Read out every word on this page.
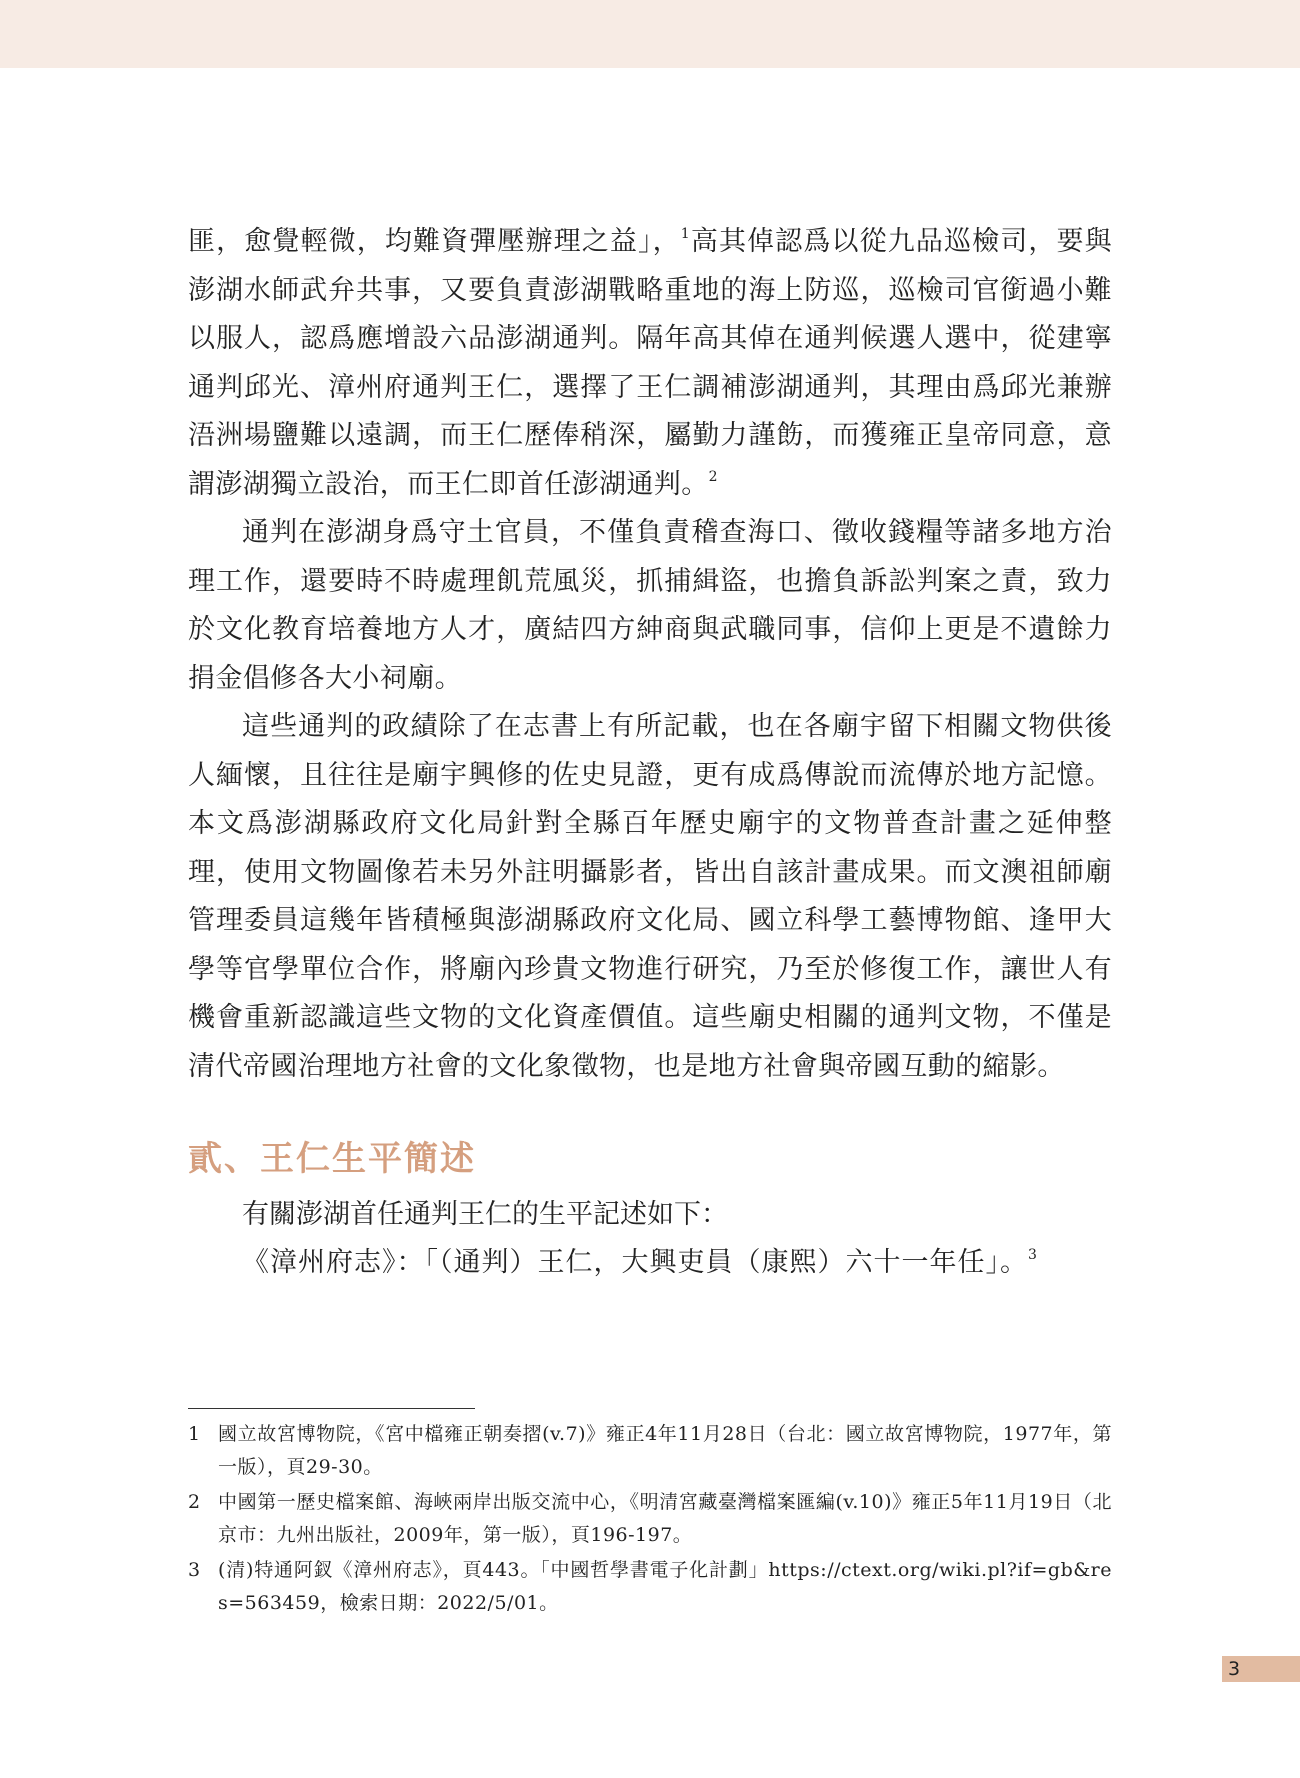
匪，愈覺輕微，均難資彈壓辦理之益」，$^1$高其倬認爲以從九品巡檢司，要與澎湖水師武弁共事，又要負責澎湖戰略重地的海上防巡，巡檢司官銜過小難以服人，認爲應增設六品澎湖通判。隔年高其倬在通判候選人選中，從建寧通判邱光、漳州府通判王仁，選擇了王仁調補澎湖通判，其理由爲邱光兼辦浯洲場鹽難以遠調，而王仁歷俸稍深，屬勤力謹飭，而獲雍正皇帝同意，意謂澎湖獨立設治，而王仁即首任澎湖通判。$^2$

通判在澎湖身爲守土官員，不僅負責稽查海口、徵收錢糧等諸多地方治理工作，還要時不時處理飢荒風災，抓捕緝盜，也擔負訴訟判案之責，致力於文化教育培養地方人才，廣結四方紳商與武職同事，信仰上更是不遺餘力捐金倡修各大小祠廟。

這些通判的政績除了在志書上有所記載，也在各廟宇留下相關文物供後人緬懷，且往往是廟宇興修的佐史見證，更有成爲傳說而流傳於地方記憶。本文爲澎湖縣政府文化局針對全縣百年歷史廟宇的文物普查計畫之延伸整理，使用文物圖像若未另外註明攝影者，皆出自該計畫成果。而文澳祖師廟管理委員這幾年皆積極與澎湖縣政府文化局、國立科學工藝博物館、逢甲大學等官學單位合作，將廟內珍貴文物進行研究，乃至於修復工作，讓世人有機會重新認識這些文物的文化資產價值。這些廟史相關的通判文物，不僅是清代帝國治理地方社會的文化象徵物，也是地方社會與帝國互動的縮影。

貳、王仁生平簡述

有關澎湖首任通判王仁的生平記述如下：

《漳州府志》：「（通判）王仁，大興吏員（康熙）六十一年任」。$^3$

1 國立故宮博物院，《宮中檔雍正朝奏摺(v.7)》雍正4年11月28日（台北：國立故宮博物院，1977年，第一版），頁29-30。
2 中國第一歷史檔案館、海峽兩岸出版交流中心，《明清宮藏臺灣檔案匯編(v.10)》雍正5年11月19日（北京市：九州出版社，2009年，第一版），頁196-197。
3 (清)特通阿釵《漳州府志》，頁443。「中國哲學書電子化計劃」https://ctext.org/wiki.pl?if=gb&res=563459，檢索日期：2022/5/01。
3
